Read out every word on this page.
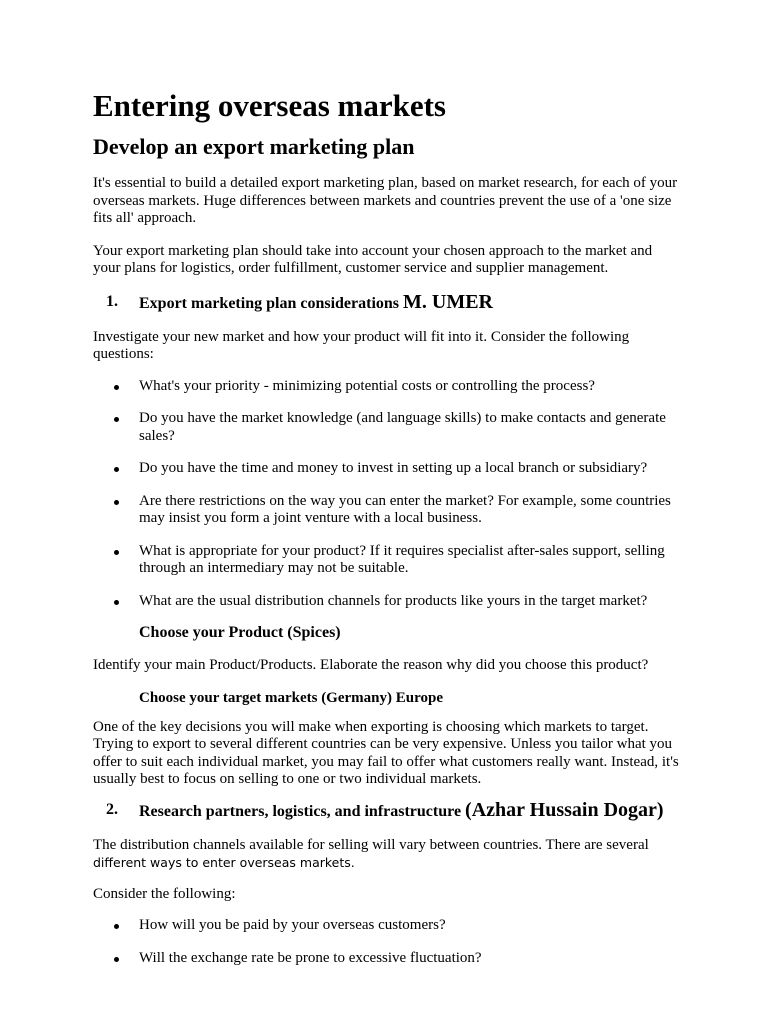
Entering overseas markets
Develop an export marketing plan

It's essential to build a detailed export marketing plan, based on market research, for each of your overseas markets. Huge differences between markets and countries prevent the use of a 'one size fits all' approach.

Your export marketing plan should take into account your chosen approach to the market and your plans for logistics, order fulfillment, customer service and supplier management.

1.	Export marketing plan considerations M. UMER

Investigate your new market and how your product will fit into it. Consider the following questions:

What's your priority - minimizing potential costs or controlling the process?
Do you have the market knowledge (and language skills) to make contacts and generate sales?
Do you have the time and money to invest in setting up a local branch or subsidiary?
Are there restrictions on the way you can enter the market? For example, some countries may insist you form a joint venture with a local business.
What is appropriate for your product? If it requires specialist after-sales support, selling through an intermediary may not be suitable.
What are the usual distribution channels for products like yours in the target market?
Choose your Product (Spices)

Identify your main Product/Products. Elaborate the reason why did you choose this product?

Choose your target markets (Germany) Europe

One of the key decisions you will make when exporting is choosing which markets to target. Trying to export to several different countries can be very expensive. Unless you tailor what you offer to suit each individual market, you may fail to offer what customers really want. Instead, it's usually best to focus on selling to one or two individual markets.

2.	Research partners, logistics, and infrastructure (Azhar Hussain Dogar)

The distribution channels available for selling will vary between countries. There are several different ways to enter overseas markets.

Consider the following:

How will you be paid by your overseas customers?
Will the exchange rate be prone to excessive fluctuation?
